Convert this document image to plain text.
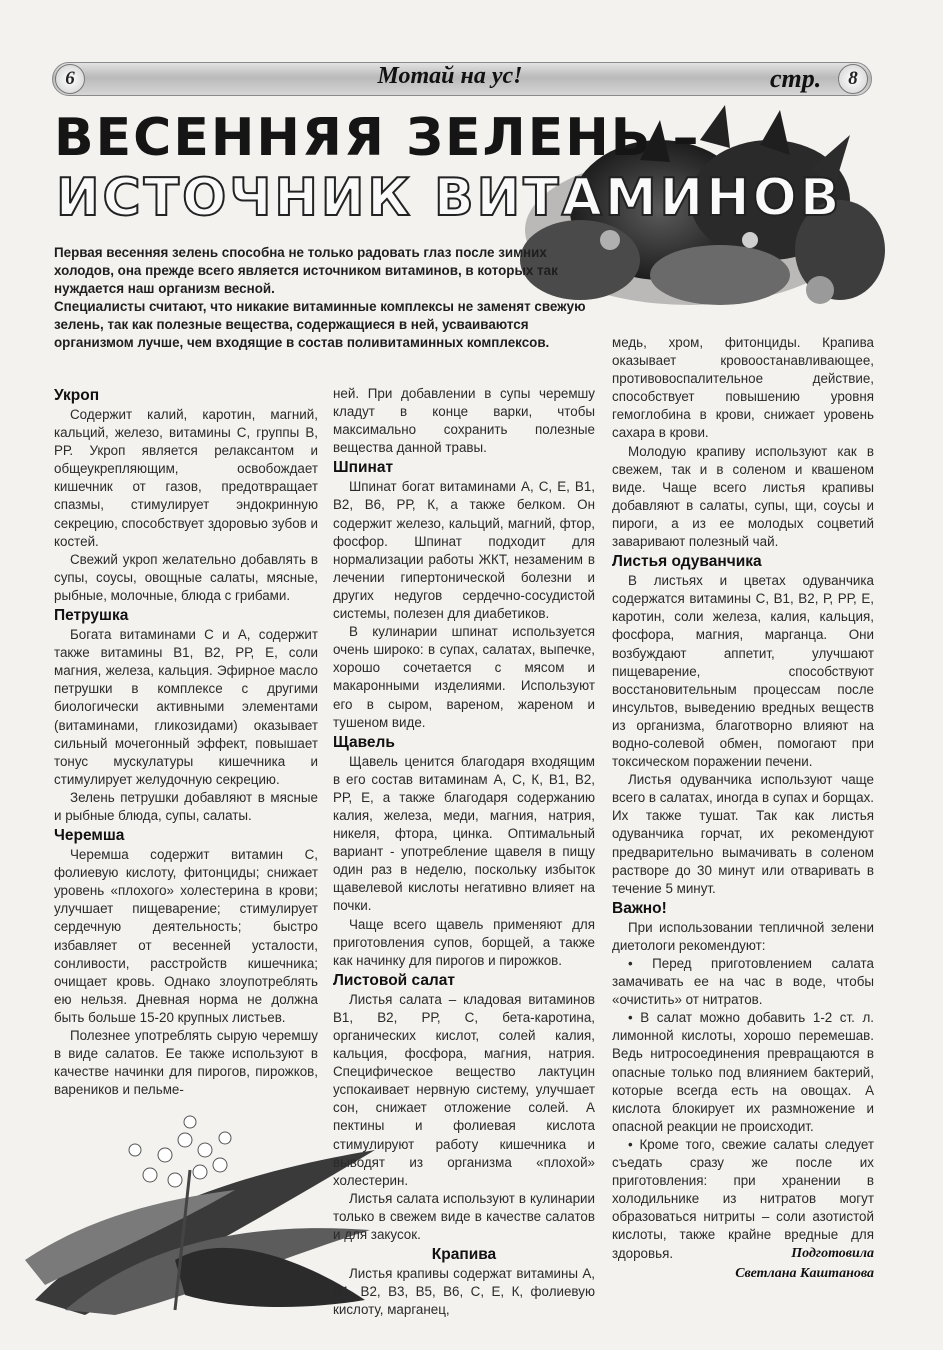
6	Мотай на ус!	стр.	8
ВЕСЕННЯЯ ЗЕЛЕНЬ –
ИСТОЧНИК ВИТАМИНОВ

Первая весенняя зелень способна не только радовать глаз после зимних холодов, она прежде всего является источником витаминов, в которых так нуждается наш организм весной.

Специалисты считают, что никакие витаминные комплексы не заменят свежую зелень, так как полезные вещества, содержащиеся в ней, усваиваются организмом лучше, чем входящие в состав поливитаминных комплексов.

Укроп

Содержит калий, каротин, магний, кальций, железо, витамины С, группы В, РР. Укроп является релаксантом и общеукрепляющим, освобождает кишечник от газов, предотвращает спазмы, стимулирует эндокринную секрецию, способствует здоровью зубов и костей.

Свежий укроп желательно добавлять в супы, соусы, овощные салаты, мясные, рыбные, молочные, блюда с грибами.

Петрушка

Богата витаминами С и А, содержит также витамины В1, В2, РР, Е, соли магния, железа, кальция. Эфирное масло петрушки в комплексе с другими биологически активными элементами (витаминами, гликозидами) оказывает сильный мочегонный эффект, повышает тонус мускулатуры кишечника и стимулирует желудочную секрецию.

Зелень петрушки добавляют в мясные и рыбные блюда, супы, салаты.

Черемша

Черемша содержит витамин С, фолиевую кислоту, фитонциды; снижает уровень «плохого» холестерина в крови; улучшает пищеварение; стимулирует сердечную деятельность; быстро избавляет от весенней усталости, сонливости, расстройств кишечника; очищает кровь. Однако злоупотреблять ею нельзя. Дневная норма не должна быть больше 15-20 крупных листьев.

Полезнее употреблять сырую черемшу в виде салатов. Ее также используют в качестве начинки для пирогов, пирожков, вареников и пельме-

ней. При добавлении в супы черемшу кладут в конце варки, чтобы максимально сохранить полезные вещества данной травы.

Шпинат

Шпинат богат витаминами А, С, Е, В1, В2, В6, РР, К, а также белком. Он содержит железо, кальций, магний, фтор, фосфор. Шпинат подходит для нормализации работы ЖКТ, незаменим в лечении гипертонической болезни и других недугов сердечно-сосудистой системы, полезен для диабетиков.

В кулинарии шпинат используется очень широко: в супах, салатах, выпечке, хорошо сочетается с мясом и макаронными изделиями. Используют его в сыром, вареном, жареном и тушеном виде.

Щавель

Щавель ценится благодаря входящим в его состав витаминам А, С, К, В1, В2, РР, Е, а также благодаря содержанию калия, железа, меди, магния, натрия, никеля, фтора, цинка. Оптимальный вариант - употребление щавеля в пищу один раз в неделю, поскольку избыток щавелевой кислоты негативно влияет на почки.

Чаще всего щавель применяют для приготовления супов, борщей, а также как начинку для пирогов и пирожков.

Листовой салат

Листья салата – кладовая витаминов В1, В2, РР, С, бета-каротина, органических кислот, солей калия, кальция, фосфора, магния, натрия. Специфическое вещество лактуцин успокаивает нервную систему, улучшает сон, снижает отложение солей. А пектины и фолиевая кислота стимулируют работу кишечника и выводят из организма «плохой» холестерин.

Листья салата используют в кулинарии только в свежем виде в качестве салатов и для закусок.

Крапива

Листья крапивы содержат витамины А, В1, В2, В3, В5, В6, С, Е, К, фолиевую кислоту, марганец,

медь, хром, фитонциды. Крапива оказывает кровоостанавливающее, противовоспалительное действие, способствует повышению уровня гемоглобина в крови, снижает уровень сахара в крови.

Молодую крапиву используют как в свежем, так и в соленом и квашеном виде. Чаще всего листья крапивы добавляют в салаты, супы, щи, соусы и пироги, а из ее молодых соцветий заваривают полезный чай.

Листья одуванчика

В листьях и цветах одуванчика содержатся витамины С, В1, В2, Р, РР, Е, каротин, соли железа, калия, кальция, фосфора, магния, марганца. Они возбуждают аппетит, улучшают пищеварение, способствуют восстановительным процессам после инсультов, выведению вредных веществ из организма, благотворно влияют на водно-солевой обмен, помогают при токсическом поражении печени.

Листья одуванчика используют чаще всего в салатах, иногда в супах и борщах. Их также тушат. Так как листья одуванчика горчат, их рекомендуют предварительно вымачивать в соленом растворе до 30 минут или отваривать в течение 5 минут.

Важно!

При использовании тепличной зелени диетологи рекомендуют:

• Перед приготовлением салата замачивать ее на час в воде, чтобы «очистить» от нитратов.

• В салат можно добавить 1-2 ст. л. лимонной кислоты, хорошо перемешав. Ведь нитросоединения превращаются в опасные только под влиянием бактерий, которые всегда есть на овощах. А кислота блокирует их размножение и опасной реакции не происходит.

• Кроме того, свежие салаты следует съедать сразу же после их приготовления: при хранении в холодильнике из нитратов могут образоваться нитриты – соли азотистой кислоты, также крайне вредные для здоровья.	Подготовила
Светлана Каштанова
